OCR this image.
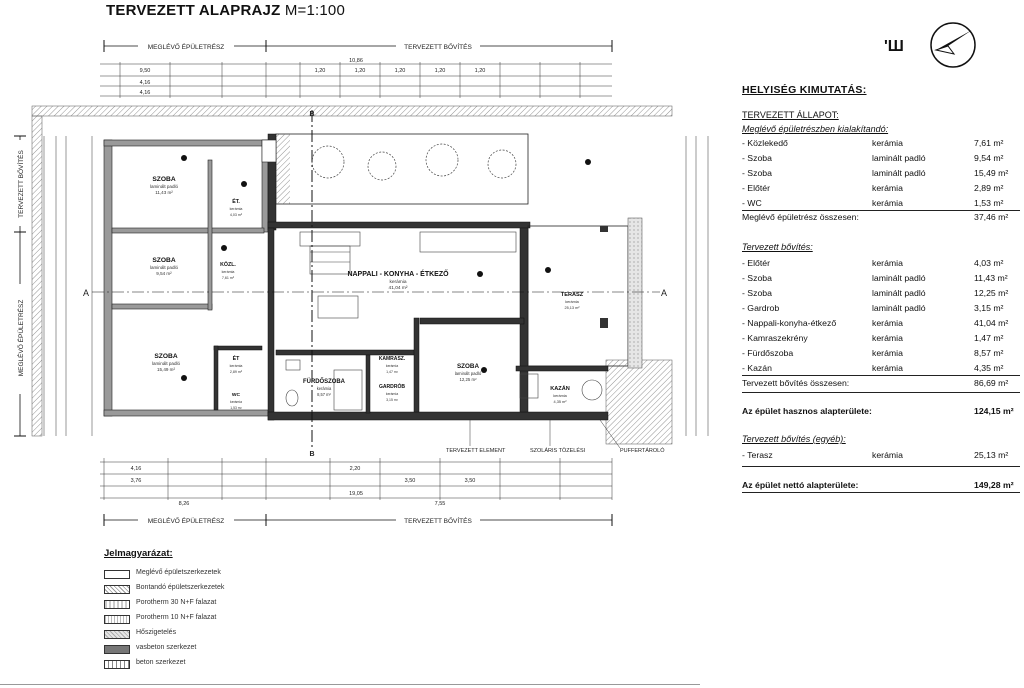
TERVEZETT ALAPRAJZ M=1:100
'Ш
MEGLÉVŐ ÉPÜLETRÉSZ	TERVEZETT BŐVÍTÉS
MEGLÉVŐ ÉPÜLETRÉSZ	TERVEZETT BŐVÍTÉS
9,50	1,20	1,20	1,20	1,20	1,20
10,86
4,16
4,16
4,16
3,76
2,20
3,50	3,50
19,05
8,26	7,55
TERVEZETT BŐVÍTÉS
MEGLÉVŐ ÉPÜLETRÉSZ
B
B
A	A
SZOBA
laminált padló
11,43 m²
ÉT.
kerámia
4,03 m²
SZOBA
laminált padló
9,54 m²
KÖZL.
kerámia
7,61 m²
SZOBA
laminált padló
15,49 m²
ÉT
kerámia
2,89 m²
WC
kerámia
1,53 m²
NAPPALI - KONYHA - ÉTKEZŐ
kerámia
41,04 m²
TERASZ
kerámia
25,13 m²
FÜRDŐSZOBA
kerámia
8,57 m²
KAMRASZ.
kerámia
1,47 m²
GARDRÓB
kerámia
3,15 m²
SZOBA
laminált padló
12,25 m²
KAZÁN
kerámia
4,35 m²
TERVEZETT ELEMENT	SZOLÁRIS TÖZELÉSI	PUFFERTÁROLÓ
HELYISÉG KIMUTATÁS:
TERVEZETT ÁLLAPOT:
Meglévő épületrészben kialakítandó:
- Közlekedő	kerámia	7,61 m²
- Szoba	laminált padló	9,54 m²
- Szoba	laminált padló	15,49 m²
- Előtér	kerámia	2,89 m²
- WC	kerámia	1,53 m²
Meglévő épületrész összesen:	37,46 m²
Tervezett bővítés:
- Előtér	kerámia	4,03 m²
- Szoba	laminált padló	11,43 m²
- Szoba	laminált padló	12,25 m²
- Gardrob	laminált padló	3,15 m²
- Nappali-konyha-étkező	kerámia	41,04 m²
- Kamraszekrény	kerámia	1,47 m²
- Fürdőszoba	kerámia	8,57 m²
- Kazán	kerámia	4,35 m²
Tervezett bővítés összesen:	86,69 m²
Az épület hasznos alapterülete:	124,15 m²
Tervezett bővítés (egyéb):
- Terasz	kerámia	25,13 m²
Az épület nettó alapterülete:	149,28 m²
Jelmagyarázat:
Meglévő épületszerkezetek
Bontandó épületszerkezetek
Porotherm 30 N+F falazat
Porotherm 10 N+F falazat
Hőszigetelés
vasbeton szerkezet
beton szerkezet
